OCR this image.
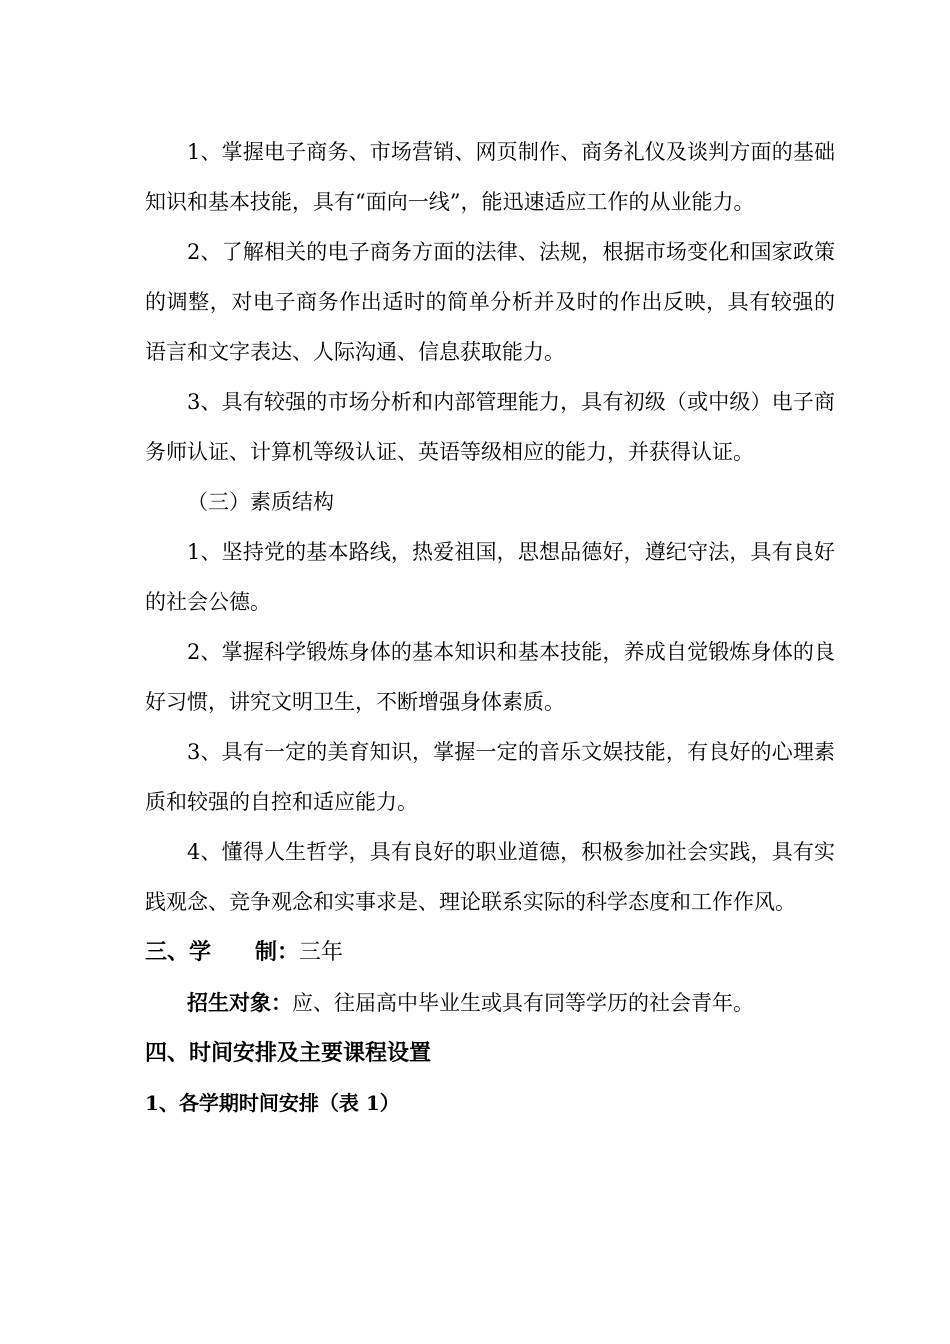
1、掌握电子商务、市场营销、网页制作、商务礼仪及谈判方面的基础知识和基本技能，具有“面向一线”，能迅速适应工作的从业能力。

2、了解相关的电子商务方面的法律、法规，根据市场变化和国家政策的调整，对电子商务作出适时的简单分析并及时的作出反映，具有较强的语言和文字表达、人际沟通、信息获取能力。

3、具有较强的市场分析和内部管理能力，具有初级（或中级）电子商务师认证、计算机等级认证、英语等级相应的能力，并获得认证。

（三）素质结构

1、坚持党的基本路线，热爱祖国，思想品德好，遵纪守法，具有良好的社会公德。

2、掌握科学锻炼身体的基本知识和基本技能，养成自觉锻炼身体的良好习惯，讲究文明卫生，不断增强身体素质。

3、具有一定的美育知识，掌握一定的音乐文娱技能，有良好的心理素质和较强的自控和适应能力。

4、懂得人生哲学，具有良好的职业道德，积极参加社会实践，具有实践观念、竞争观念和实事求是、理论联系实际的科学态度和工作作风。

三、学 制：三年

招生对象：应、往届高中毕业生或具有同等学历的社会青年。

四、时间安排及主要课程设置

1、各学期时间安排（表 1）
